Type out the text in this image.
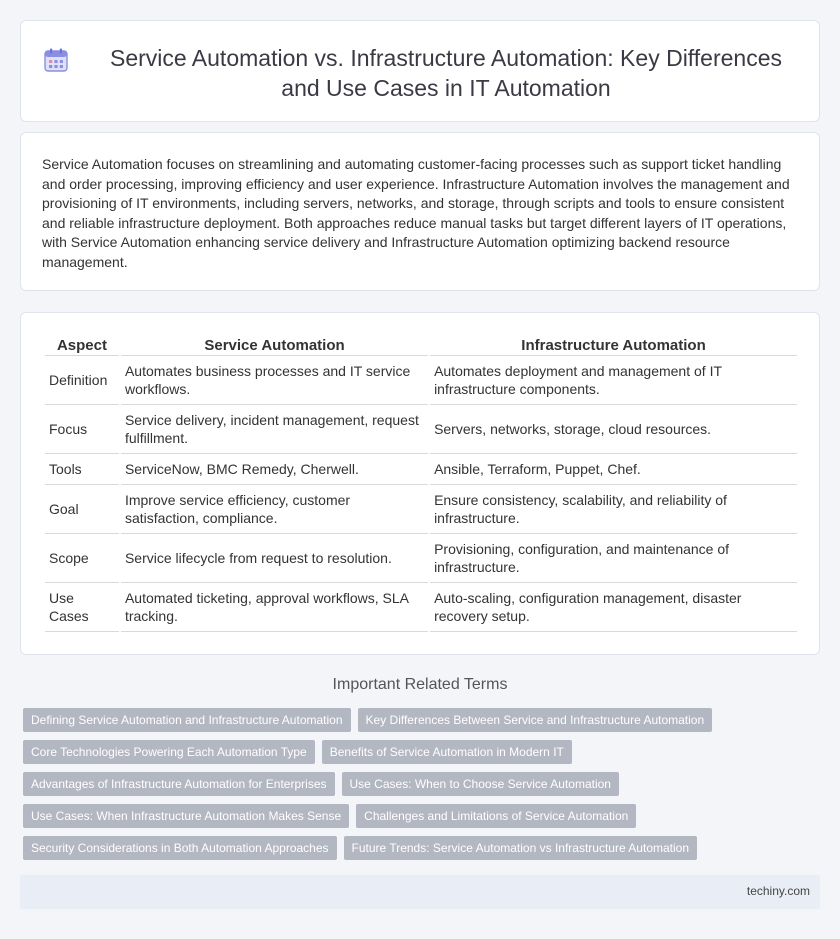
Service Automation vs. Infrastructure Automation: Key Differences and Use Cases in IT Automation

Service Automation focuses on streamlining and automating customer-facing processes such as support ticket handling and order processing, improving efficiency and user experience. Infrastructure Automation involves the management and provisioning of IT environments, including servers, networks, and storage, through scripts and tools to ensure consistent and reliable infrastructure deployment. Both approaches reduce manual tasks but target different layers of IT operations, with Service Automation enhancing service delivery and Infrastructure Automation optimizing backend resource management.

Aspect	Service Automation	Infrastructure Automation
Definition	Automates business processes and IT service workflows.	Automates deployment and management of IT infrastructure components.
Focus	Service delivery, incident management, request fulfillment.	Servers, networks, storage, cloud resources.
Tools	ServiceNow, BMC Remedy, Cherwell.	Ansible, Terraform, Puppet, Chef.
Goal	Improve service efficiency, customer satisfaction, compliance.	Ensure consistency, scalability, and reliability of infrastructure.
Scope	Service lifecycle from request to resolution.	Provisioning, configuration, and maintenance of infrastructure.
Use Cases	Automated ticketing, approval workflows, SLA tracking.	Auto-scaling, configuration management, disaster recovery setup.
Important Related Terms
Defining Service Automation and Infrastructure Automation	Key Differences Between Service and Infrastructure Automation
Core Technologies Powering Each Automation Type	Benefits of Service Automation in Modern IT
Advantages of Infrastructure Automation for Enterprises	Use Cases: When to Choose Service Automation
Use Cases: When Infrastructure Automation Makes Sense	Challenges and Limitations of Service Automation
Security Considerations in Both Automation Approaches	Future Trends: Service Automation vs Infrastructure Automation
techiny.com
